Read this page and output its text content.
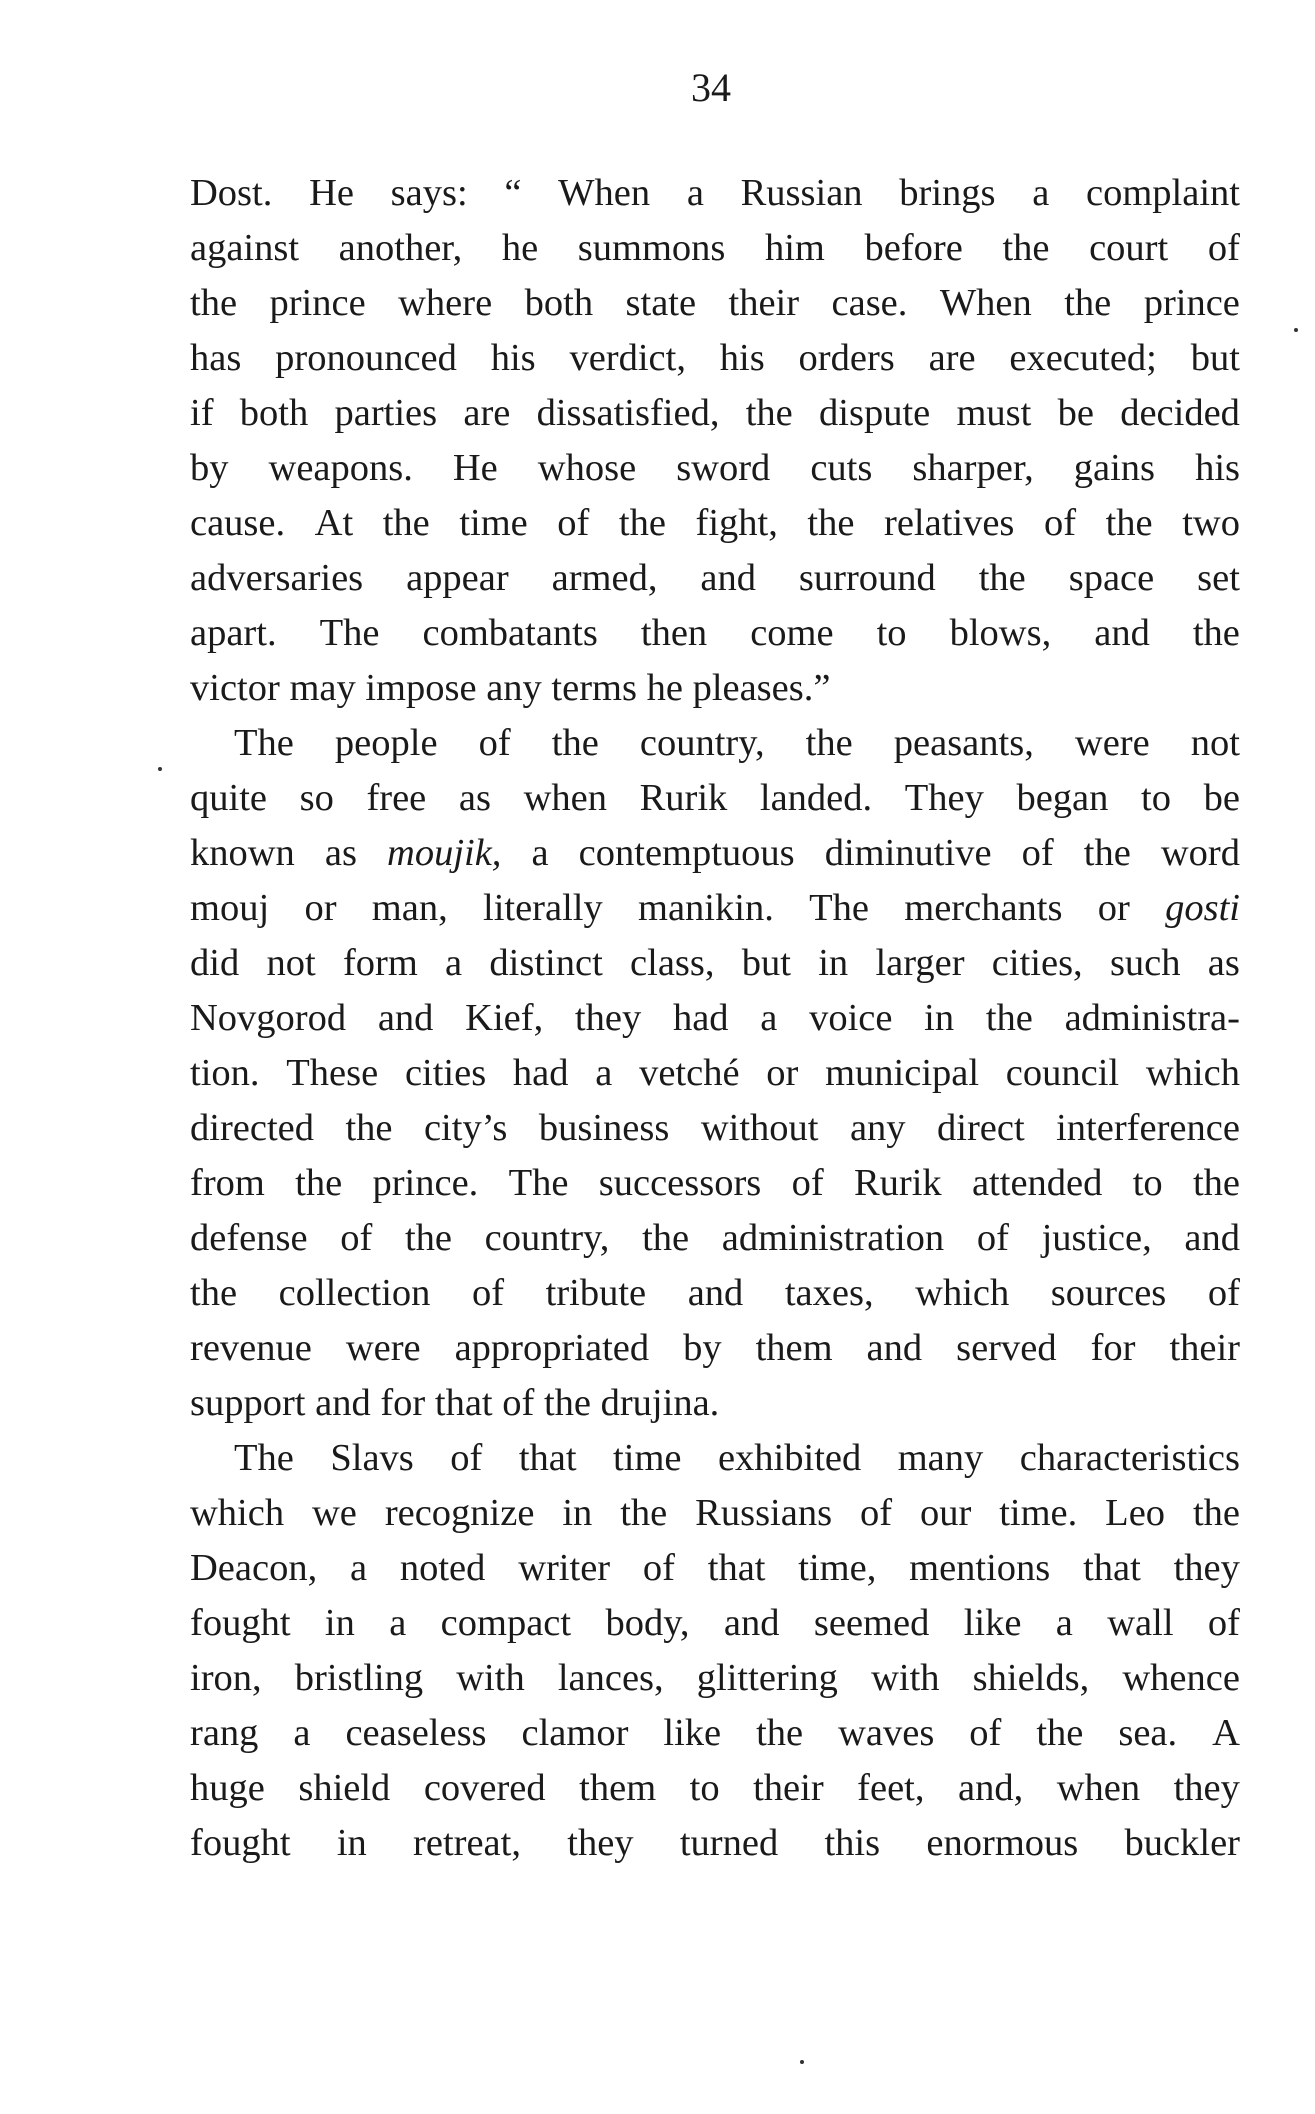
34
Dost. He says: “ When a Russian brings a complaint
against another, he summons him before the court of
the prince where both state their case. When the prince
has pronounced his verdict, his orders are executed; but
if both parties are dissatisfied, the dispute must be decided
by weapons. He whose sword cuts sharper, gains his
cause. At the time of the fight, the relatives of the two
adversaries appear armed, and surround the space set
apart. The combatants then come to blows, and the
victor may impose any terms he pleases.”
The people of the country, the peasants, were not
quite so free as when Rurik landed. They began to be
known as moujik, a contemptuous diminutive of the word
mouj or man, literally manikin. The merchants or gosti
did not form a distinct class, but in larger cities, such as
Novgorod and Kief, they had a voice in the administra-
tion. These cities had a vetché or municipal council which
directed the city’s business without any direct interference
from the prince. The successors of Rurik attended to the
defense of the country, the administration of justice, and
the collection of tribute and taxes, which sources of
revenue were appropriated by them and served for their
support and for that of the drujina.
The Slavs of that time exhibited many characteristics
which we recognize in the Russians of our time. Leo the
Deacon, a noted writer of that time, mentions that they
fought in a compact body, and seemed like a wall of
iron, bristling with lances, glittering with shields, whence
rang a ceaseless clamor like the waves of the sea. A
huge shield covered them to their feet, and, when they
fought in retreat, they turned this enormous buckler
